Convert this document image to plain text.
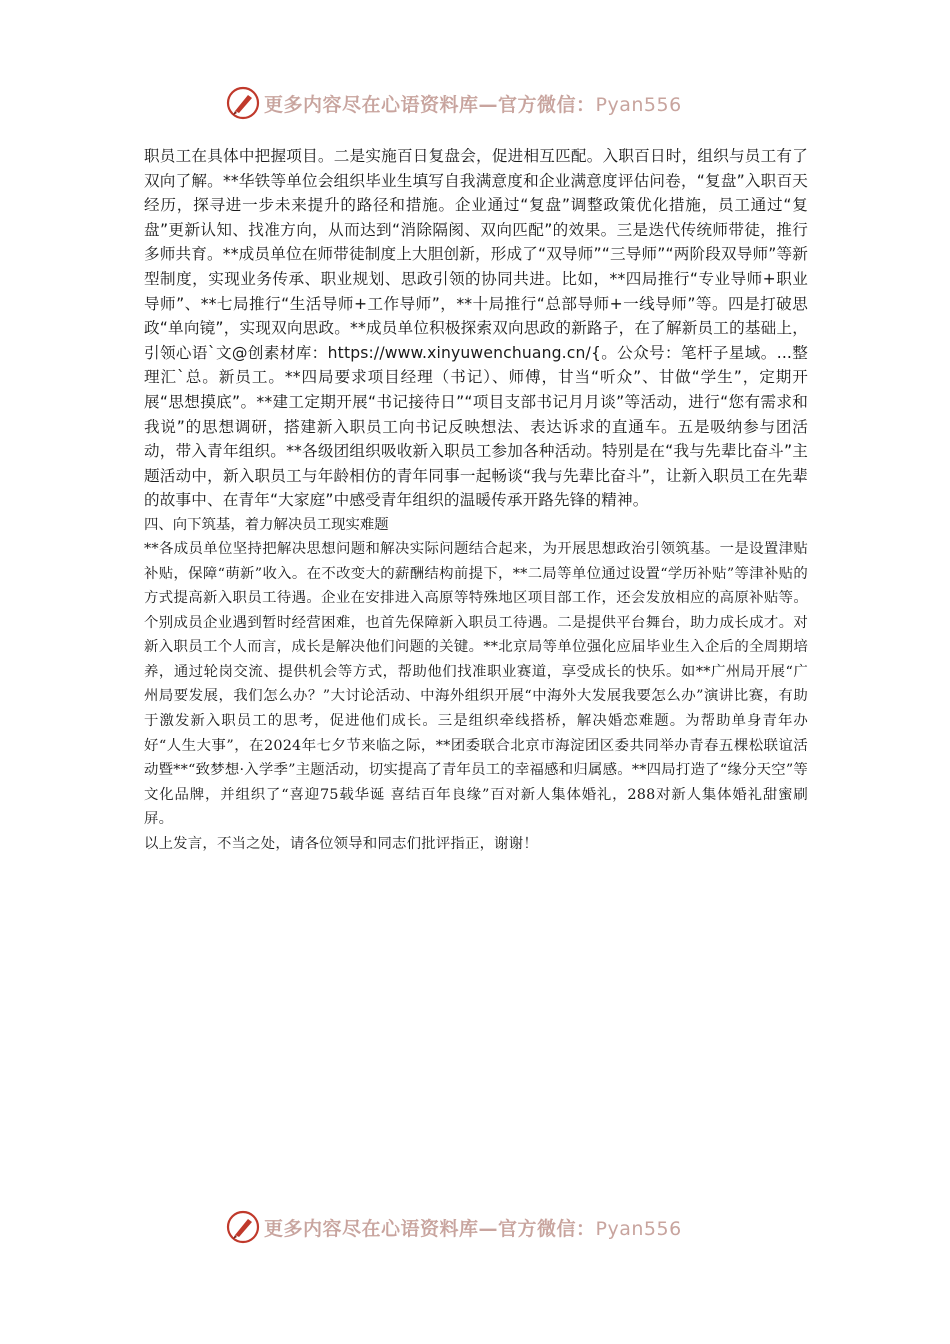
更多内容尽在心语资料库—官方微信：Pyan556

职员工在具体中把握项目。二是实施百日复盘会，促进相互匹配。入职百日时，组织与员工有了双向了解。**华铁等单位会组织毕业生填写自我满意度和企业满意度评估问卷，“复盘”入职百天经历，探寻进一步未来提升的路径和措施。企业通过“复盘”调整政策优化措施，员工通过“复盘”更新认知、找准方向，从而达到“消除隔阂、双向匹配”的效果。三是迭代传统师带徒，推行多师共育。**成员单位在师带徒制度上大胆创新，形成了“双导师”“三导师”“两阶段双导师”等新型制度，实现业务传承、职业规划、思政引领的协同共进。比如，**四局推行“专业导师+职业导师”、**七局推行“生活导师+工作导师”，**十局推行“总部导师+一线导师”等。四是打破思政“单向镜”，实现双向思政。**成员单位积极探索双向思政的新路子，在了解新员工的基础上，引领心语`文@创素材库：https://www.xinyuwenchuang.cn/{。公众号：笔杆子星域。...整理汇`总。新员工。**四局要求项目经理（书记）、师傅，甘当“听众”、甘做“学生”，定期开展“思想摸底”。**建工定期开展“书记接待日”“项目支部书记月月谈”等活动，进行“您有需求和我说”的思想调研，搭建新入职员工向书记反映想法、表达诉求的直通车。五是吸纳参与团活动，带入青年组织。**各级团组织吸收新入职员工参加各种活动。特别是在“我与先辈比奋斗”主题活动中，新入职员工与年龄相仿的青年同事一起畅谈“我与先辈比奋斗”，让新入职员工在先辈的故事中、在青年“大家庭”中感受青年组织的温暖传承开路先锋的精神。

四、向下筑基，着力解决员工现实难题

**各成员单位坚持把解决思想问题和解决实际问题结合起来，为开展思想政治引领筑基。一是设置津贴补贴，保障“萌新”收入。在不改变大的薪酬结构前提下，**二局等单位通过设置“学历补贴”等津补贴的方式提高新入职员工待遇。企业在安排进入高原等特殊地区项目部工作，还会发放相应的高原补贴等。个别成员企业遇到暂时经营困难，也首先保障新入职员工待遇。二是提供平台舞台，助力成长成才。对新入职员工个人而言，成长是解决他们问题的关键。**北京局等单位强化应届毕业生入企后的全周期培养，通过轮岗交流、提供机会等方式，帮助他们找准职业赛道，享受成长的快乐。如**广州局开展“广州局要发展，我们怎么办？”大讨论活动、中海外组织开展“中海外大发展我要怎么办”演讲比赛，有助于激发新入职员工的思考，促进他们成长。三是组织牵线搭桥，解决婚恋难题。为帮助单身青年办好“人生大事”，在2024年七夕节来临之际，**团委联合北京市海淀团区委共同举办青春五棵松联谊活动暨**“致梦想·入学季”主题活动，切实提高了青年员工的幸福感和归属感。**四局打造了“缘分天空”等文化品牌，并组织了“喜迎75载华诞 喜结百年良缘”百对新人集体婚礼，288对新人集体婚礼甜蜜刷屏。

以上发言，不当之处，请各位领导和同志们批评指正，谢谢！

更多内容尽在心语资料库—官方微信：Pyan556
